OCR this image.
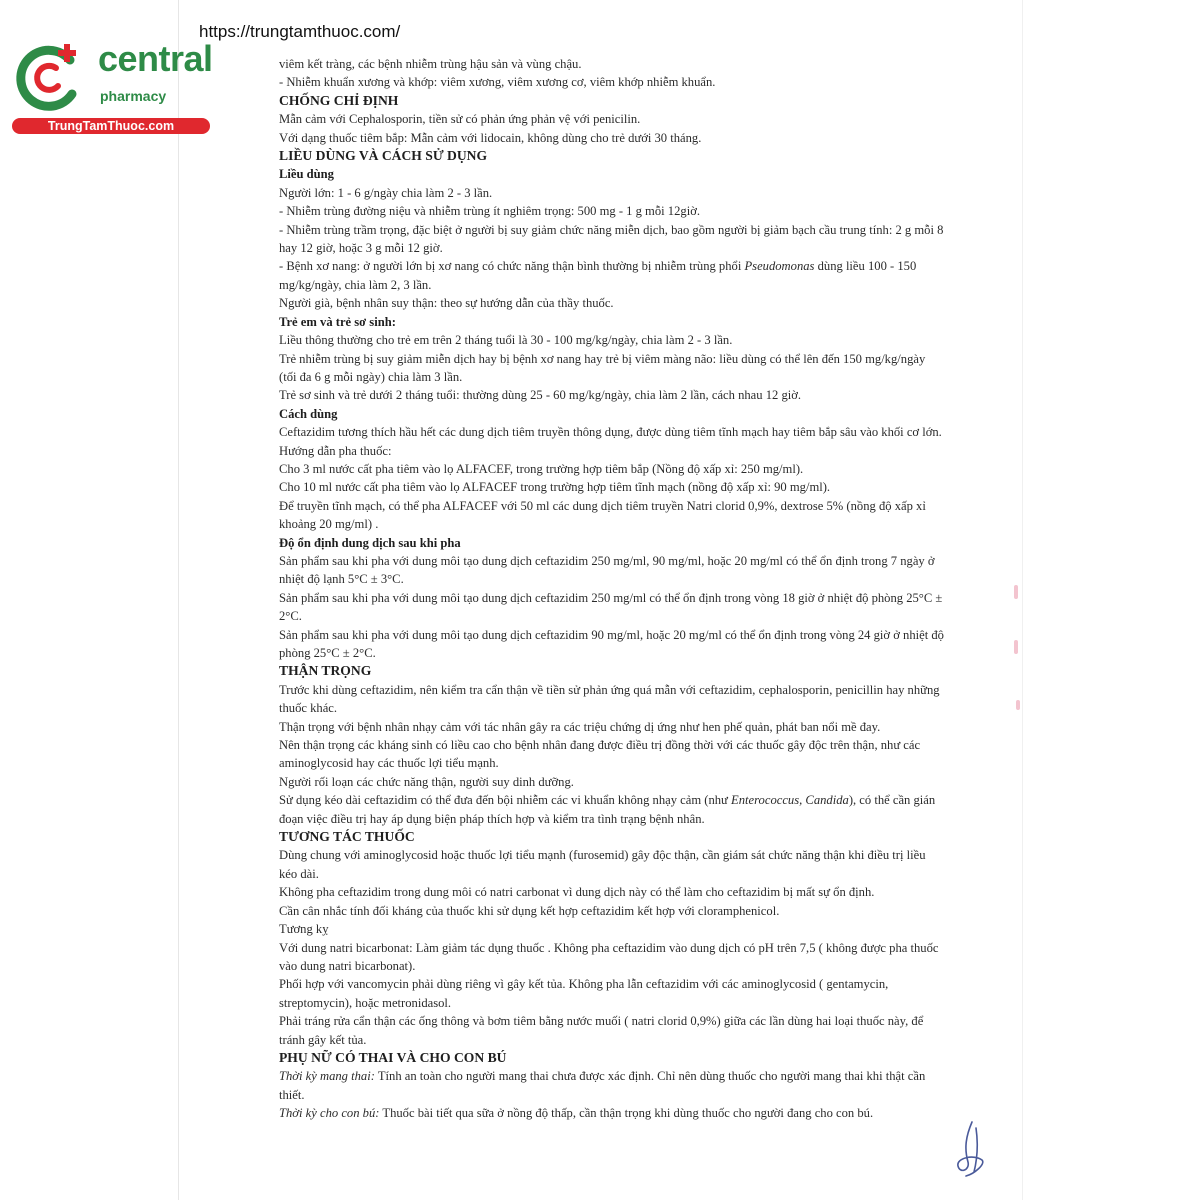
https://trungtamthuoc.com/
central
pharmacy
TrungTamThuoc.com

viêm kết tràng, các bệnh nhiễm trùng hậu sản và vùng chậu.

- Nhiễm khuẩn xương và khớp: viêm xương, viêm xương cơ, viêm khớp nhiễm khuẩn.

CHỐNG CHỈ ĐỊNH

Mẫn cảm với Cephalosporin, tiền sử có phản ứng phản vệ với penicilin.

Với dạng thuốc tiêm bắp: Mẫn cảm với lidocain, không dùng cho trẻ dưới 30 tháng.

LIỀU DÙNG VÀ CÁCH SỬ DỤNG

Liều dùng

Người lớn: 1 - 6 g/ngày chia làm 2 - 3 lần.

- Nhiễm trùng đường niệu và nhiễm trùng ít nghiêm trọng: 500 mg - 1 g mỗi 12giờ.

- Nhiễm trùng trầm trọng, đặc biệt ở người bị suy giảm chức năng miễn dịch, bao gồm người bị giảm bạch cầu trung tính: 2 g mỗi 8 hay 12 giờ, hoặc 3 g mỗi 12 giờ.

- Bệnh xơ nang: ở người lớn bị xơ nang có chức năng thận bình thường bị nhiễm trùng phổi Pseudomonas dùng liều 100 - 150 mg/kg/ngày, chia làm 2, 3 lần.

Người già, bệnh nhân suy thận: theo sự hướng dẫn của thầy thuốc.

Trẻ em và trẻ sơ sinh:

Liều thông thường cho trẻ em trên 2 tháng tuổi là 30 - 100 mg/kg/ngày, chia làm 2 - 3 lần.

Trẻ nhiễm trùng bị suy giảm miễn dịch hay bị bệnh xơ nang hay trẻ bị viêm màng não: liều dùng có thể lên đến 150 mg/kg/ngày (tối đa 6 g mỗi ngày) chia làm 3 lần.

Trẻ sơ sinh và trẻ dưới 2 tháng tuổi: thường dùng 25 - 60 mg/kg/ngày, chia làm 2 lần, cách nhau 12 giờ.

Cách dùng

Ceftazidim tương thích hầu hết các dung dịch tiêm truyền thông dụng, được dùng tiêm tĩnh mạch hay tiêm bắp sâu vào khối cơ lớn.

Hướng dẫn pha thuốc:

Cho 3 ml nước cất pha tiêm vào lọ ALFACEF, trong trường hợp tiêm bắp (Nồng độ xấp xỉ: 250 mg/ml).

Cho 10 ml nước cất pha tiêm vào lọ ALFACEF trong trường hợp tiêm tĩnh mạch (nồng độ xấp xỉ: 90 mg/ml).

Để truyền tĩnh mạch, có thể pha ALFACEF với 50 ml các dung dịch tiêm truyền Natri clorid 0,9%, dextrose 5% (nồng độ xấp xỉ khoảng 20 mg/ml) .

Độ ổn định dung dịch sau khi pha

Sản phẩm sau khi pha với dung môi tạo dung dịch ceftazidim 250 mg/ml, 90 mg/ml, hoặc 20 mg/ml có thể ổn định trong 7 ngày ở nhiệt độ lạnh 5°C ± 3°C.

Sản phẩm sau khi pha với dung môi tạo dung dịch ceftazidim 250 mg/ml có thể ổn định trong vòng 18 giờ ở nhiệt độ phòng 25°C ± 2°C.

Sản phẩm sau khi pha với dung môi tạo dung dịch ceftazidim 90 mg/ml, hoặc 20 mg/ml có thể ổn định trong vòng 24 giờ ở nhiệt độ phòng 25°C ± 2°C.

THẬN TRỌNG

Trước khi dùng ceftazidim, nên kiểm tra cẩn thận về tiền sử phản ứng quá mẫn với ceftazidim, cephalosporin, penicillin hay những thuốc khác.

Thận trọng với bệnh nhân nhạy cảm với tác nhân gây ra các triệu chứng dị ứng như hen phế quản, phát ban nổi mề đay.

Nên thận trọng các kháng sinh có liều cao cho bệnh nhân đang được điều trị đồng thời với các thuốc gây độc trên thận, như các aminoglycosid hay các thuốc lợi tiểu mạnh.

Người rối loạn các chức năng thận, người suy dinh dưỡng.

Sử dụng kéo dài ceftazidim có thể đưa đến bội nhiễm các vi khuẩn không nhạy cảm (như Enterococcus, Candida), có thể cần gián đoạn việc điều trị hay áp dụng biện pháp thích hợp và kiểm tra tình trạng bệnh nhân.

TƯƠNG TÁC THUỐC

Dùng chung với aminoglycosid hoặc thuốc lợi tiểu mạnh (furosemid) gây độc thận, cần giám sát chức năng thận khi điều trị liều kéo dài.

Không pha ceftazidim trong dung môi có natri carbonat vì dung dịch này có thể làm cho ceftazidim bị mất sự ổn định.

Cần cân nhắc tính đối kháng của thuốc khi sử dụng kết hợp ceftazidim kết hợp với cloramphenicol.

Tương kỵ

Với dung natri bicarbonat: Làm giảm tác dụng thuốc . Không pha ceftazidim vào dung dịch có pH trên 7,5 ( không được pha thuốc vào dung natri bicarbonat).

Phối hợp với vancomycin phải dùng riêng vì gây kết tủa. Không pha lẫn ceftazidim với các aminoglycosid ( gentamycin, streptomycin), hoặc metronidasol.

Phải tráng rửa cẩn thận các ống thông và bơm tiêm bằng nước muối ( natri clorid 0,9%) giữa các lần dùng hai loại thuốc này, để tránh gây kết tủa.

PHỤ NỮ CÓ THAI VÀ CHO CON BÚ

Thời kỳ mang thai: Tính an toàn cho người mang thai chưa được xác định. Chỉ nên dùng thuốc cho người mang thai khi thật cần thiết.

Thời kỳ cho con bú: Thuốc bài tiết qua sữa ở nồng độ thấp, cần thận trọng khi dùng thuốc cho người đang cho con bú.
